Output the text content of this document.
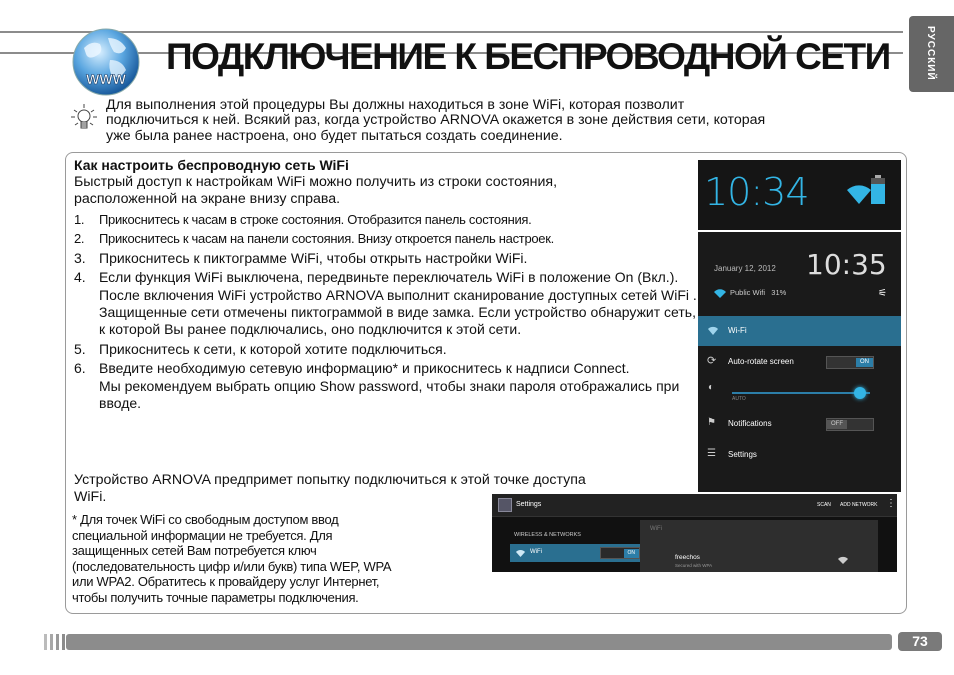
РУССКИЙ
WWW
ПОДКЛЮЧЕНИЕ К БЕСПРОВОДНОЙ СЕТИ
Для выполнения этой процедуры Вы должны находиться в зоне WiFi, которая позволит
подключиться к ней. Всякий раз, когда устройство ARNOVA окажется в зоне действия сети, которая
уже была ранее настроена, оно будет пытаться создать соединение.
Как настроить беспроводную сеть WiFi
Быстрый доступ к настройкам WiFi можно получить из строки состояния,
расположенной на экране внизу справа.
1. Прикоснитесь к часам в строке состояния. Отобразится панель состояния.
2. Прикоснитесь к часам на панели состояния. Внизу откроется панель настроек.
3. Прикоснитесь к пиктограмме WiFi, чтобы открыть настройки WiFi.
4. Если функция WiFi выключена, передвиньте переключатель WiFi в положение On (Вкл.).
После включения WiFi устройство ARNOVA выполнит сканирование доступных сетей WiFi . Защищенные сети отмечены пиктограммой в виде замка. Если устройство обнаружит сеть, к которой Вы ранее подключались, оно подключится к этой сети.
5. Прикоснитесь к сети, к которой хотите подключиться.
6. Введите необходимую сетевую информацию* и прикоснитесь к надписи Connect.
Мы рекомендуем выбрать опцию Show password, чтобы знаки пароля отображались при вводе.
Устройство ARNOVA предпримет попытку подключиться к этой точке доступа
WiFi.
* Для точек WiFi со свободным доступом ввод
специальной информации не требуется. Для
защищенных сетей Вам потребуется ключ
(последовательность цифр и/или букв) типа WEP, WPA
или WPA2. Обратитесь к провайдеру услуг Интернет,
чтобы получить точные параметры подключения.
10:34
January 12, 2012 10:35
Public Wifi 31%	⚟
Wi-Fi
⟳ Auto-rotate screen	ON
◐
AUTO
⚑ Notifications	OFF
☰ Settings
Settings	SCAN ADD NETWORK ⋮
WIRELESS & NETWORKS
WiFi	ON
WiFi
freechos
Secured with WPA
73
